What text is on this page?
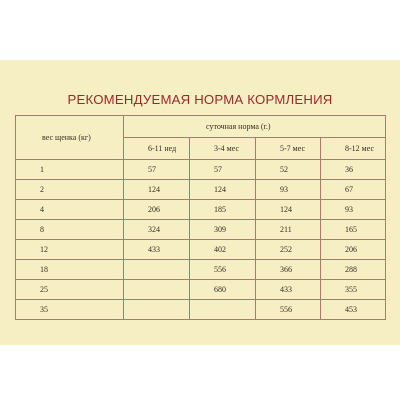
РЕКОМЕНДУЕМАЯ НОРМА КОРМЛЕНИЯ
вес щенка (кг)	суточная норма (г.)			
	6-11 нед	3-4 мес	5-7 мес	8-12 мес
1	57	57	52	36
2	124	124	93	67
4	206	185	124	93
8	324	309	211	165
12	433	402	252	206
18		556	366	288
25		680	433	355
35			556	453
